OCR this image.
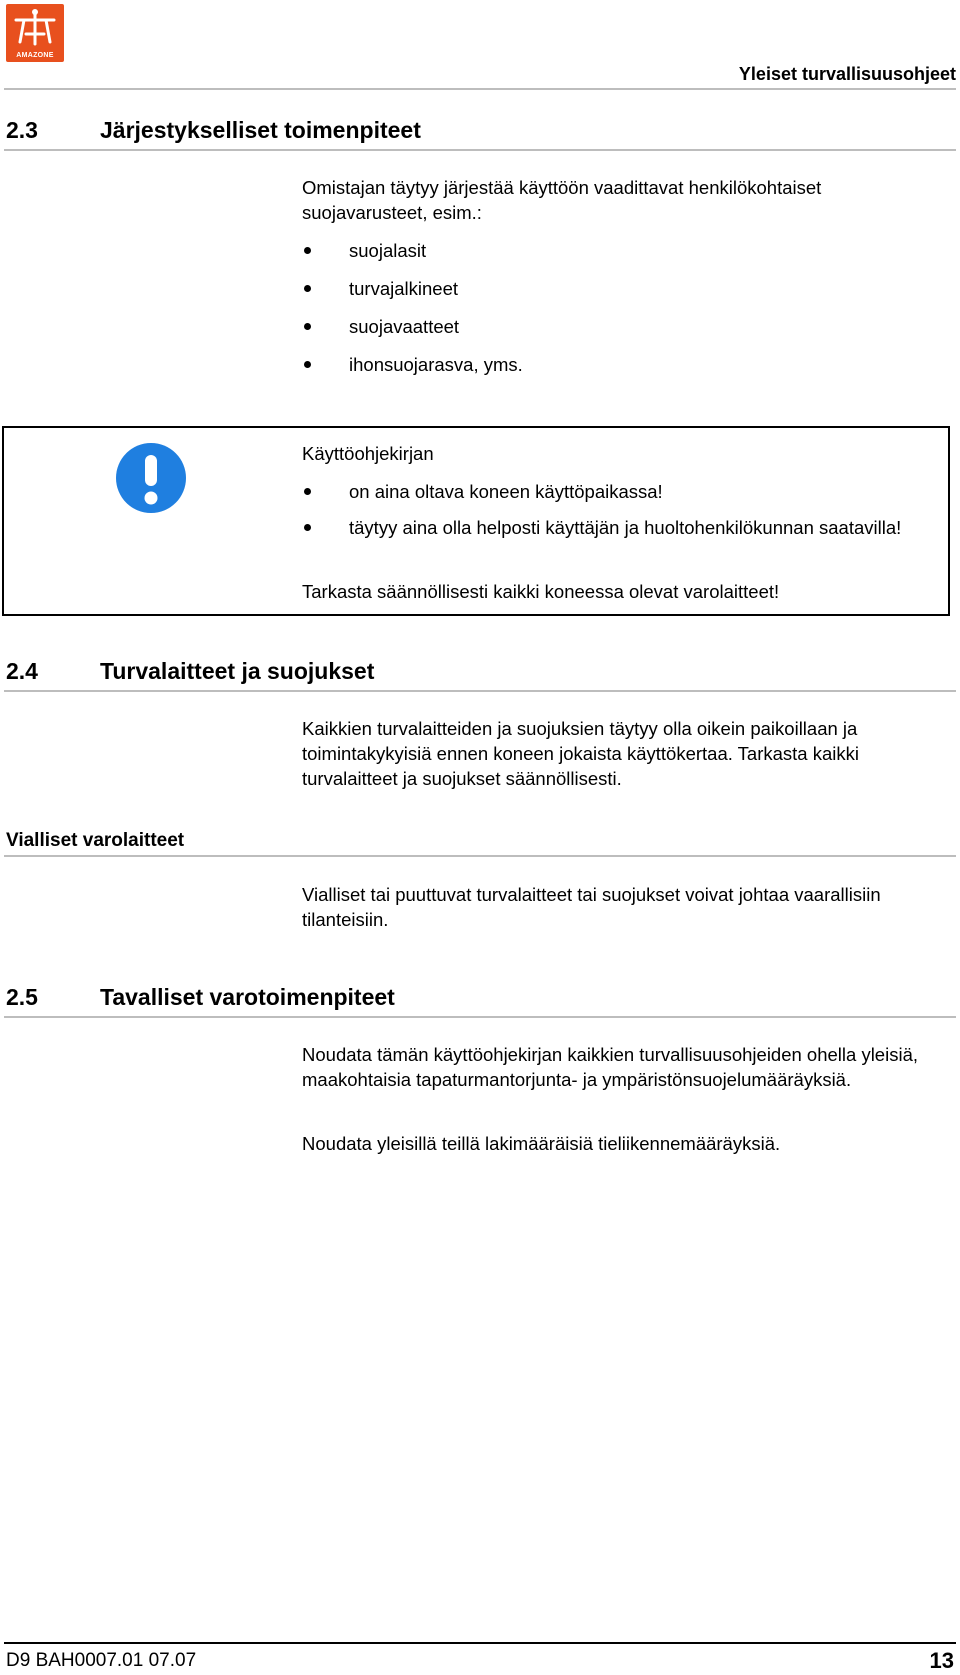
AMAZONE
Yleiset turvallisuusohjeet
2.3	Järjestykselliset toimenpiteet

Omistajan täytyy järjestää käyttöön vaadittavat henkilökohtaiset suojavarusteet, esim.:

suojalasit
turvajalkineet
suojavaatteet
ihonsuojarasva, yms.

Käyttöohjekirjan

on aina oltava koneen käyttöpaikassa!
täytyy aina olla helposti käyttäjän ja huoltohenkilökunnan saatavilla!

Tarkasta säännöllisesti kaikki koneessa olevat varolaitteet!

2.4	Turvalaitteet ja suojukset

Kaikkien turvalaitteiden ja suojuksien täytyy olla oikein paikoillaan ja toimintakykyisiä ennen koneen jokaista käyttökertaa. Tarkasta kaikki turvalaitteet ja suojukset säännöllisesti.

Vialliset varolaitteet

Vialliset tai puuttuvat turvalaitteet tai suojukset voivat johtaa vaarallisiin tilanteisiin.

2.5	Tavalliset varotoimenpiteet

Noudata tämän käyttöohjekirjan kaikkien turvallisuusohjeiden ohella yleisiä, maakohtaisia tapaturmantorjunta- ja ympäristönsuojelumääräyksiä.

Noudata yleisillä teillä lakimääräisiä tieliikennemääräyksiä.

D9 BAH0007.01 07.07	13
